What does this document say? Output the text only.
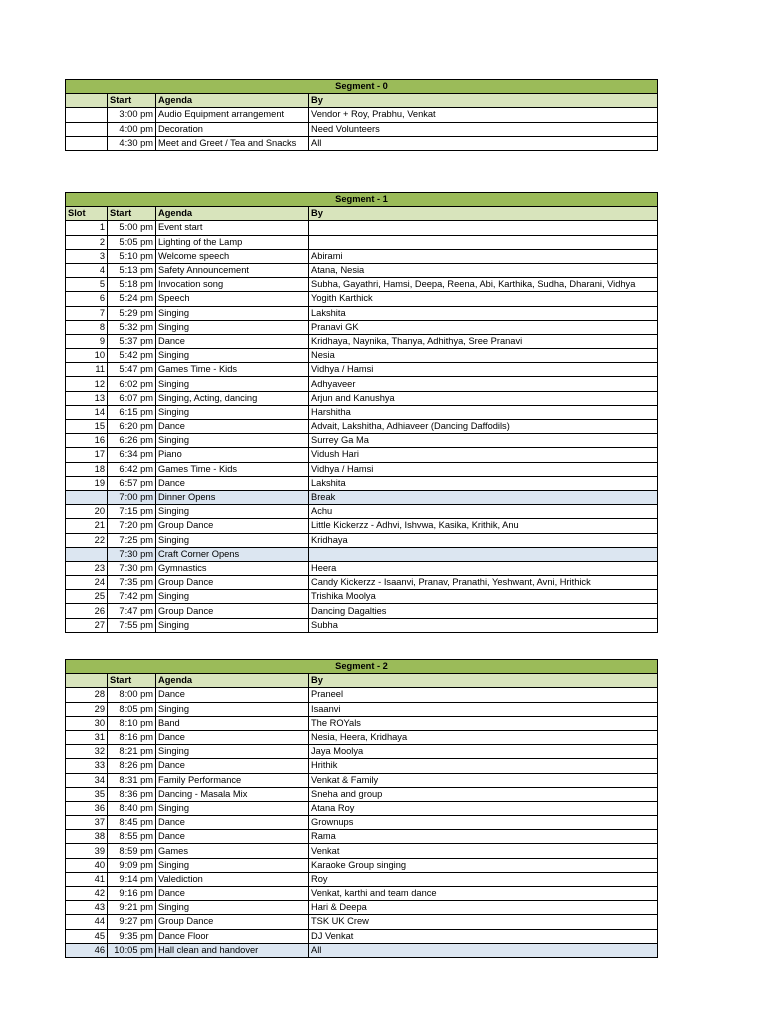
Segment - 0			
	Start	Agenda	By
	3:00 pm	Audio Equipment arrangement	Vendor + Roy, Prabhu, Venkat
	4:00 pm	Decoration	Need Volunteers
	4:30 pm	Meet and Greet / Tea and Snacks	All
Segment - 1			
Slot	Start	Agenda	By
1	5:00 pm	Event start	
2	5:05 pm	Lighting of the Lamp	
3	5:10 pm	Welcome speech	Abirami
4	5:13 pm	Safety Announcement	Atana, Nesia
5	5:18 pm	Invocation song	Subha, Gayathri, Hamsi, Deepa, Reena, Abi, Karthika, Sudha, Dharani, Vidhya
6	5:24 pm	Speech	Yogith Karthick
7	5:29 pm	Singing	Lakshita
8	5:32 pm	Singing	Pranavi GK
9	5:37 pm	Dance	Kridhaya, Naynika, Thanya, Adhithya, Sree Pranavi
10	5:42 pm	Singing	Nesia
11	5:47 pm	Games Time - Kids	Vidhya / Hamsi
12	6:02 pm	Singing	Adhyaveer
13	6:07 pm	Singing, Acting, dancing	Arjun and Kanushya
14	6:15 pm	Singing	Harshitha
15	6:20 pm	Dance	Advait, Lakshitha, Adhiaveer (Dancing Daffodils)
16	6:26 pm	Singing	Surrey Ga Ma
17	6:34 pm	Piano	Vidush Hari
18	6:42 pm	Games Time - Kids	Vidhya / Hamsi
19	6:57 pm	Dance	Lakshita
	7:00 pm	Dinner Opens	Break
20	7:15 pm	Singing	Achu
21	7:20 pm	Group Dance	Little Kickerzz - Adhvi, Ishvwa, Kasika, Krithik, Anu
22	7:25 pm	Singing	Kridhaya
	7:30 pm	Craft Corner Opens	
23	7:30 pm	Gymnastics	Heera
24	7:35 pm	Group Dance	Candy Kickerzz - Isaanvi, Pranav, Pranathi, Yeshwant, Avni, Hrithick
25	7:42 pm	Singing	Trishika Moolya
26	7:47 pm	Group Dance	Dancing Dagalties
27	7:55 pm	Singing	Subha
Segment - 2			
	Start	Agenda	By
28	8:00 pm	Dance	Praneel
29	8:05 pm	Singing	Isaanvi
30	8:10 pm	Band	The ROYals
31	8:16 pm	Dance	Nesia, Heera, Kridhaya
32	8:21 pm	Singing	Jaya Moolya
33	8:26 pm	Dance	Hrithik
34	8:31 pm	Family Performance	Venkat & Family
35	8:36 pm	Dancing - Masala Mix	Sneha and group
36	8:40 pm	Singing	Atana Roy
37	8:45 pm	Dance	Grownups
38	8:55 pm	Dance	Rama
39	8:59 pm	Games	Venkat
40	9:09 pm	Singing	Karaoke Group singing
41	9:14 pm	Valediction	Roy
42	9:16 pm	Dance	Venkat, karthi and team dance
43	9:21 pm	Singing	Hari & Deepa
44	9:27 pm	Group Dance	TSK UK Crew
45	9:35 pm	Dance Floor	DJ Venkat
46	10:05 pm	Hall clean and handover	All
